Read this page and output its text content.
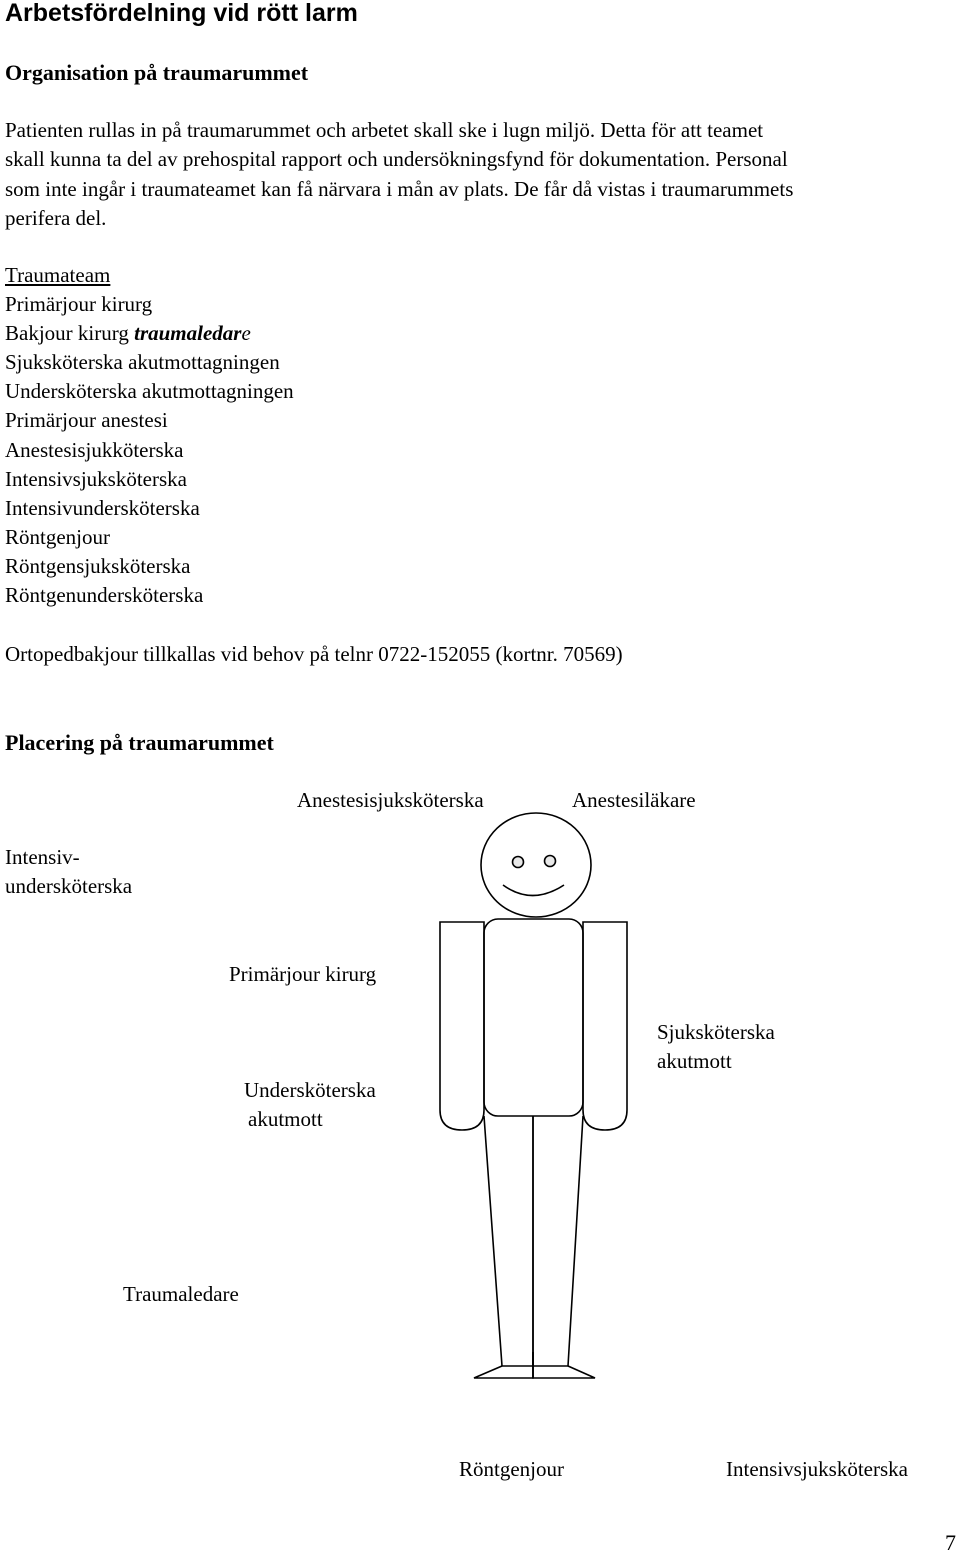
Arbetsfördelning vid rött larm
Organisation på traumarummet
Patienten rullas in på traumarummet och arbetet skall ske i lugn miljö. Detta för att teamet
skall kunna ta del av prehospital rapport och undersökningsfynd för dokumentation. Personal
som inte ingår i traumateamet kan få närvara i mån av plats. De får då vistas i traumarummets
perifera del.
Traumateam
Primärjour kirurg
Bakjour kirurg traumaledare
Sjuksköterska akutmottagningen
Undersköterska akutmottagningen
Primärjour anestesi
Anestesisjukköterska
Intensivsjuksköterska
Intensivundersköterska
Röntgenjour
Röntgensjuksköterska
Röntgenundersköterska
Ortopedbakjour tillkallas vid behov på telnr 0722-152055 (kortnr. 70569)
Placering på traumarummet
Anestesisjuksköterska	Anestesiläkare
Intensiv-
undersköterska
Primärjour kirurg
Sjuksköterska
akutmott
Undersköterska
akutmott
Traumaledare
Röntgenjour	Intensivsjuksköterska
7
